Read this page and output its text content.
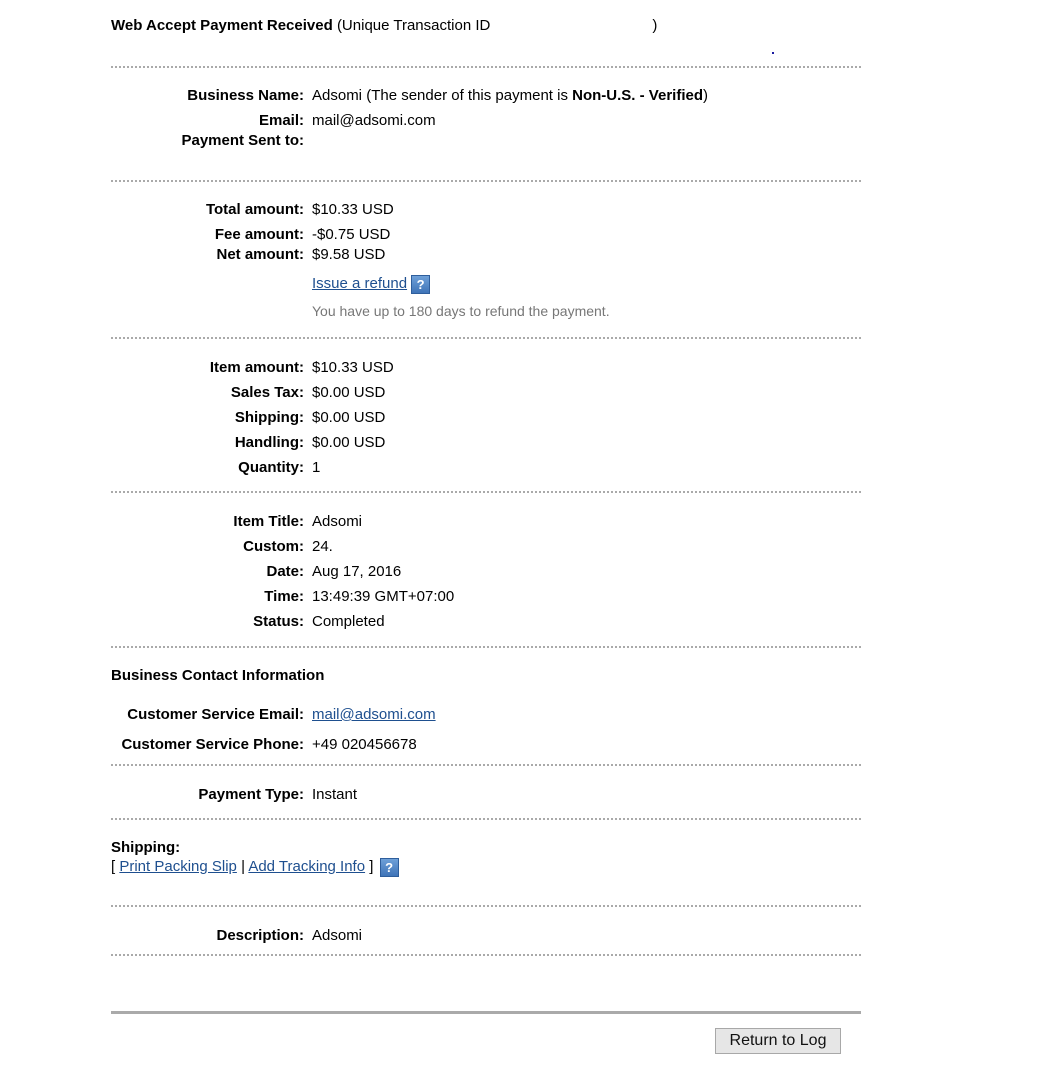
Web Accept Payment Received (Unique Transaction ID	)
Business Name: Adsomi (The sender of this payment is Non-U.S. - Verified)
Email: mail@adsomi.com
Payment Sent to:
Total amount: $10.33 USD
Fee amount: -$0.75 USD
Net amount: $9.58 USD
Issue a refund ?
You have up to 180 days to refund the payment.
Item amount: $10.33 USD
Sales Tax: $0.00 USD
Shipping: $0.00 USD
Handling: $0.00 USD
Quantity: 1
Item Title: Adsomi
Custom: 24.
Date: Aug 17, 2016
Time: 13:49:39 GMT+07:00
Status: Completed
Business Contact Information
Customer Service Email: mail@adsomi.com
Customer Service Phone: +49 020456678
Payment Type: Instant
Shipping:
[ Print Packing Slip | Add Tracking Info ] ?
Description: Adsomi
Return to Log
